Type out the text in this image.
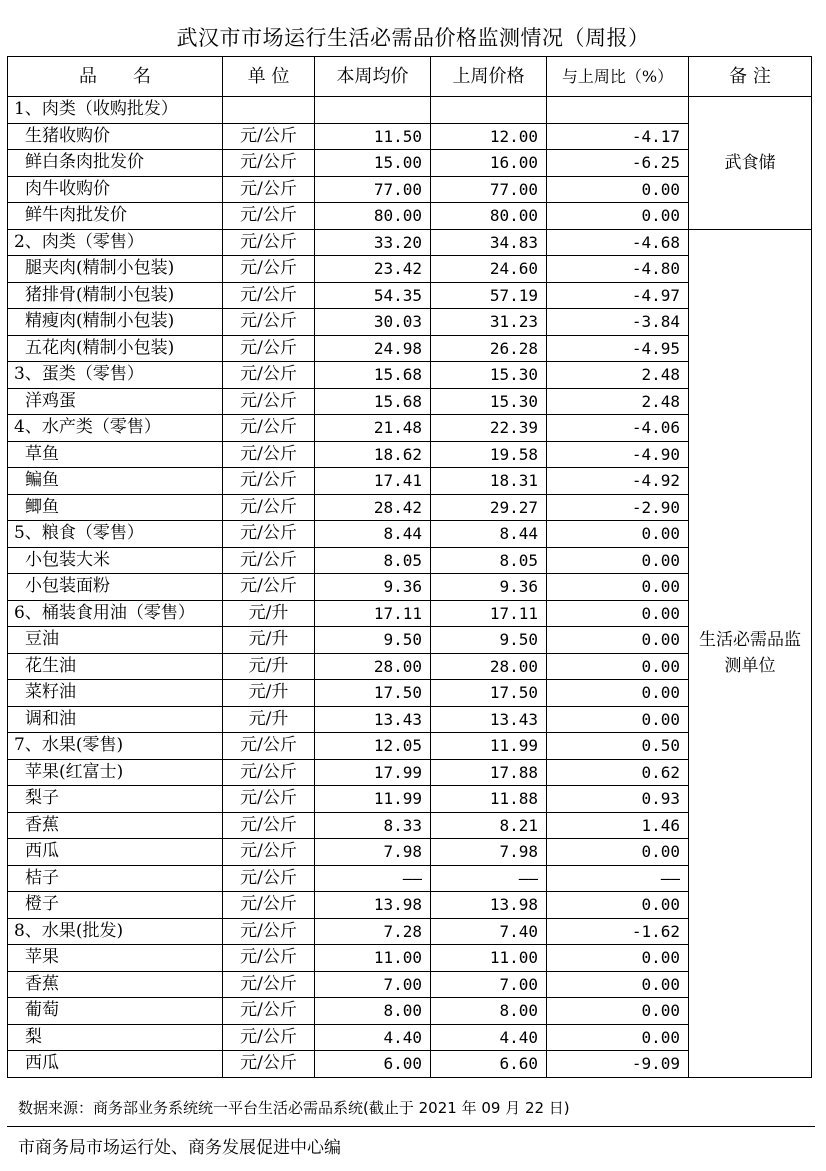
武汉市市场运行生活必需品价格监测情况（周报）
品　　名	单 位	本周均价	上周价格	与上周比（%）	备 注
1、肉类（收购批发）					武食储
生猪收购价	元/公斤	11.50	12.00	-4.17	
鲜白条肉批发价	元/公斤	15.00	16.00	-6.25	
肉牛收购价	元/公斤	77.00	77.00	0.00	
鲜牛肉批发价	元/公斤	80.00	80.00	0.00	
2、肉类（零售）	元/公斤	33.20	34.83	-4.68	生活必需品监测单位
腿夹肉(精制小包装)	元/公斤	23.42	24.60	-4.80	
猪排骨(精制小包装)	元/公斤	54.35	57.19	-4.97	
精瘦肉(精制小包装)	元/公斤	30.03	31.23	-3.84	
五花肉(精制小包装)	元/公斤	24.98	26.28	-4.95	
3、蛋类（零售）	元/公斤	15.68	15.30	2.48	
洋鸡蛋	元/公斤	15.68	15.30	2.48	
4、水产类（零售）	元/公斤	21.48	22.39	-4.06	
草鱼	元/公斤	18.62	19.58	-4.90	
鳊鱼	元/公斤	17.41	18.31	-4.92	
鲫鱼	元/公斤	28.42	29.27	-2.90	
5、粮食（零售）	元/公斤	8.44	8.44	0.00	
小包装大米	元/公斤	8.05	8.05	0.00	
小包装面粉	元/公斤	9.36	9.36	0.00	
6、桶装食用油（零售）	元/升	17.11	17.11	0.00	
豆油	元/升	9.50	9.50	0.00	
花生油	元/升	28.00	28.00	0.00	
菜籽油	元/升	17.50	17.50	0.00	
调和油	元/升	13.43	13.43	0.00	
7、水果(零售)	元/公斤	12.05	11.99	0.50	
苹果(红富士)	元/公斤	17.99	17.88	0.62	
梨子	元/公斤	11.99	11.88	0.93	
香蕉	元/公斤	8.33	8.21	1.46	
西瓜	元/公斤	7.98	7.98	0.00	
桔子	元/公斤	——	——	——	
橙子	元/公斤	13.98	13.98	0.00	
8、水果(批发)	元/公斤	7.28	7.40	-1.62	
苹果	元/公斤	11.00	11.00	0.00	
香蕉	元/公斤	7.00	7.00	0.00	
葡萄	元/公斤	8.00	8.00	0.00	
梨	元/公斤	4.40	4.40	0.00	
西瓜	元/公斤	6.00	6.60	-9.09	
数据来源：商务部业务系统统一平台生活必需品系统(截止于 2021 年 09 月 22 日)
市商务局市场运行处、商务发展促进中心编
